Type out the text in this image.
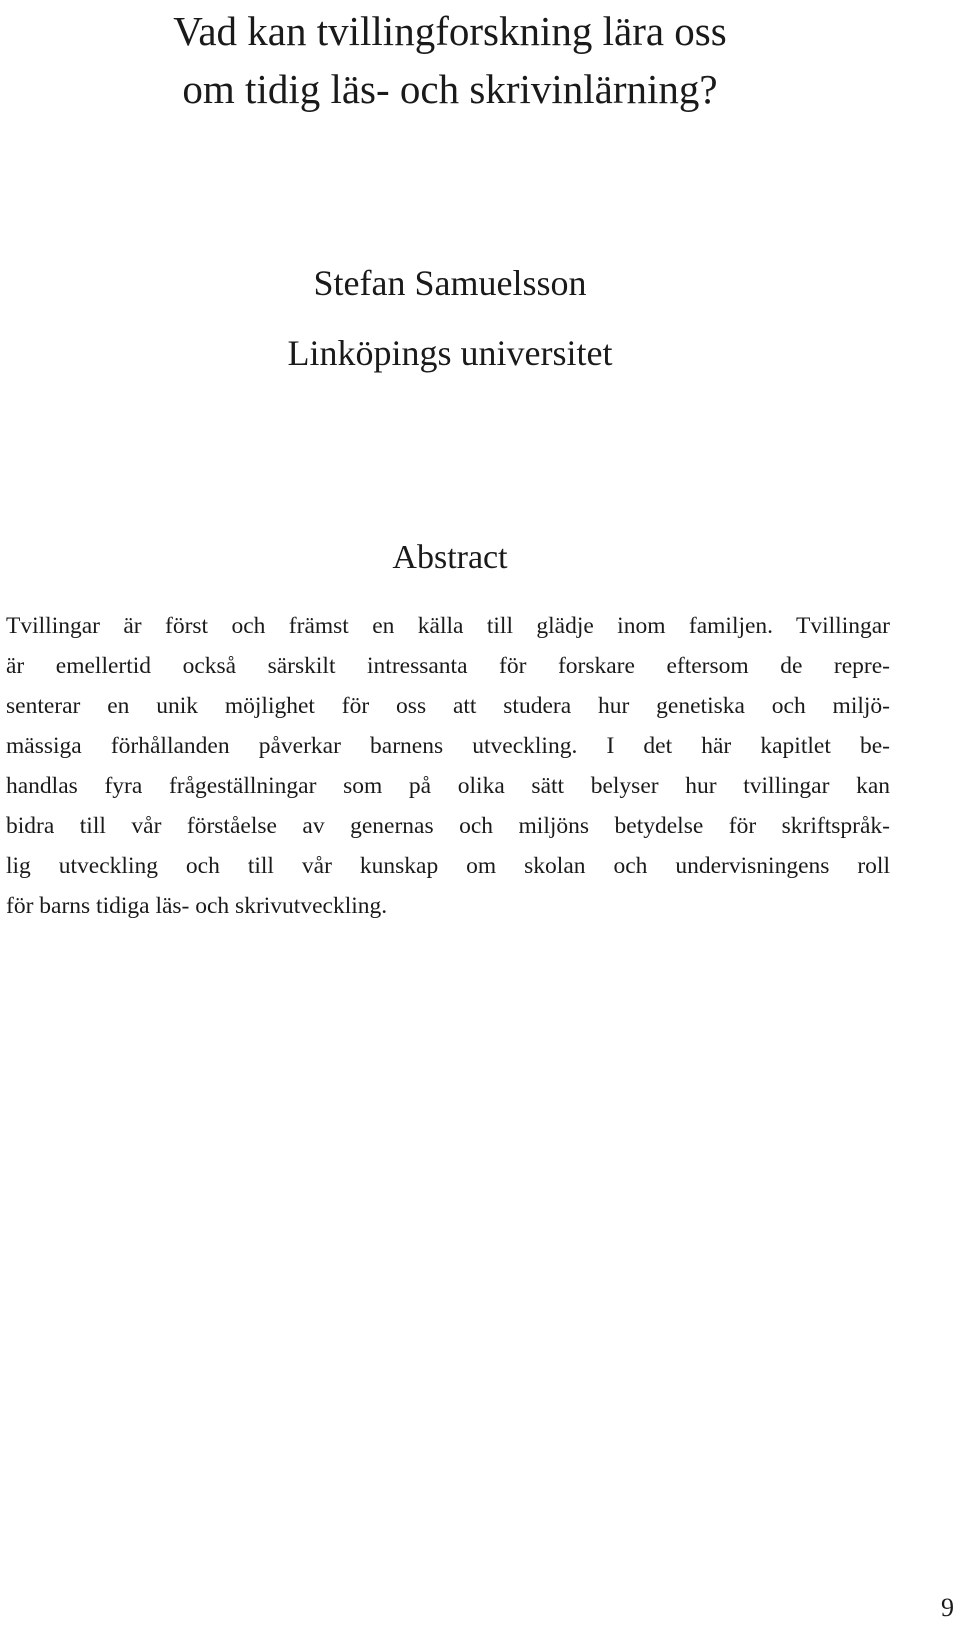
Vad kan tvillingforskning lära oss
om tidig läs- och skrivinlärning?
Stefan Samuelsson
Linköpings universitet
Abstract
Tvillingar är först och främst en källa till glädje inom familjen. Tvillingar
är emellertid också särskilt intressanta för forskare eftersom de repre-
senterar en unik möjlighet för oss att studera hur genetiska och miljö-
mässiga förhållanden påverkar barnens utveckling. I det här kapitlet be-
handlas fyra frågeställningar som på olika sätt belyser hur tvillingar kan
bidra till vår förståelse av genernas och miljöns betydelse för skriftspråk-
lig utveckling och till vår kunskap om skolan och undervisningens roll
för barns tidiga läs- och skrivutveckling.
9
